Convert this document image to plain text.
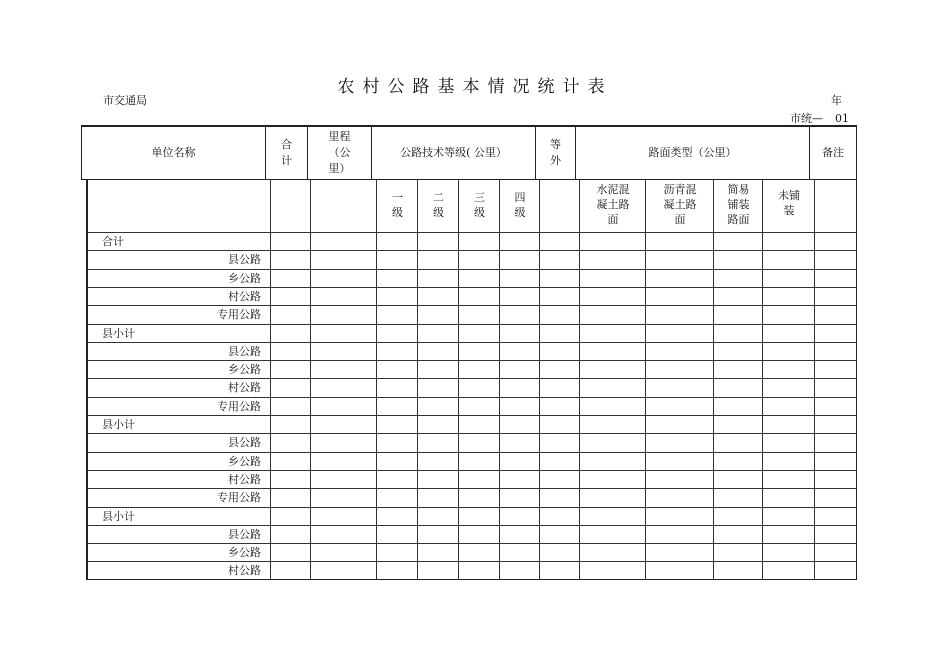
农村公路基本情况统计表
市交通局	年
市统— 01
单位名称
合
计
里程
（公
里）
公路技术等级( 公里）
等
外
路面类型（公里）	备注
一
级
二
级
三
级
四
级
水泥混
凝土路
面
沥青混
凝土路
面
简易
铺装
路面
未铺
装
合计
县公路
乡公路
村公路
专用公路
县小计
县公路
乡公路
村公路
专用公路
县小计
县公路
乡公路
村公路
专用公路
县小计
县公路
乡公路
村公路
